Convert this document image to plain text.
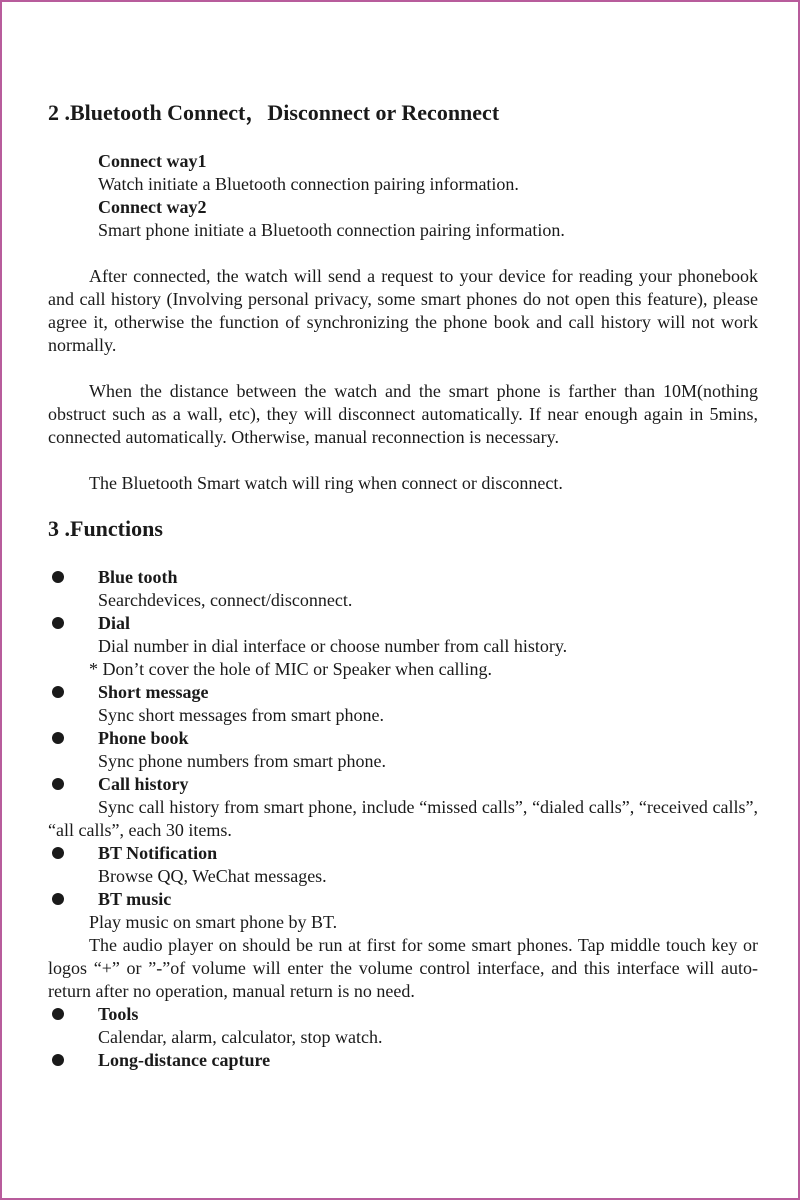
2 .Bluetooth Connect，Disconnect or Reconnect
Connect way1
Watch initiate a Bluetooth connection pairing information.
Connect way2
Smart phone initiate a Bluetooth connection pairing information.

After connected, the watch will send a request to your device for reading your phonebook and call history (Involving personal privacy, some smart phones do not open this feature), please agree it, otherwise the function of synchronizing the phone book and call history will not work normally.

When the distance between the watch and the smart phone is farther than 10M(nothing obstruct such as a wall, etc), they will disconnect automatically. If near enough again in 5mins, connected automatically. Otherwise, manual reconnection is necessary.

The Bluetooth Smart watch will ring when connect or disconnect.

3 .Functions
Blue tooth
Searchdevices, connect/disconnect.
Dial
Dial number in dial interface or choose number from call history.
* Don’t cover the hole of MIC or Speaker when calling.
Short message
Sync short messages from smart phone.
Phone book
Sync phone numbers from smart phone.
Call history

Sync call history from smart phone, include “missed calls”, “dialed calls”, “received calls”, “all calls”, each 30 items.

BT Notification
Browse QQ, WeChat messages.
BT music
Play music on smart phone by BT.

The audio player on should be run at first for some smart phones. Tap middle touch key or logos “+” or ”-”of volume will enter the volume control interface, and this interface will auto-return after no operation, manual return is no need.

Tools
Calendar, alarm, calculator, stop watch.
Long-distance capture
